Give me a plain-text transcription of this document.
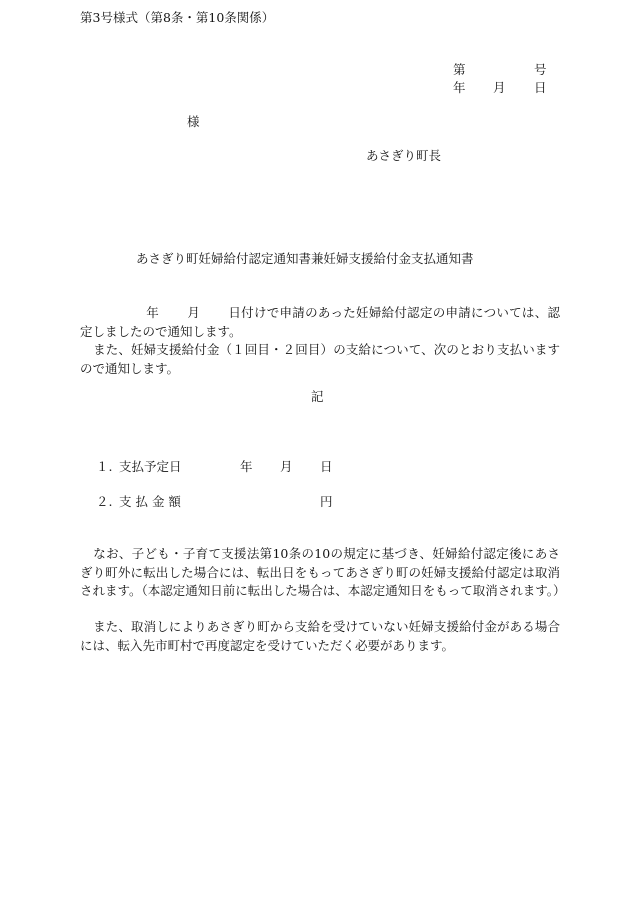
第3号様式（第8条・第10条関係）
第	号
年 月 日
様
あさぎり町長
あさぎり町妊婦給付認定通知書兼妊婦支援給付金支払通知書
年 月 日付けで申請のあった妊婦給付認定の申請については、認定しましたので通知します。
また、妊婦支援給付金（１回目・２回目）の支給について、次のとおり支払いますので通知します。
記
１. 支払予定日	年 月 日
２. 支 払 金 額	円
なお、子ども・子育て支援法第10条の10の規定に基づき、妊婦給付認定後にあさぎり町外に転出した場合には、転出日をもってあさぎり町の妊婦支援給付認定は取消されます。（本認定通知日前に転出した場合は、本認定通知日をもって取消されます。）
また、取消しによりあさぎり町から支給を受けていない妊婦支援給付金がある場合には、転入先市町村で再度認定を受けていただく必要があります。
